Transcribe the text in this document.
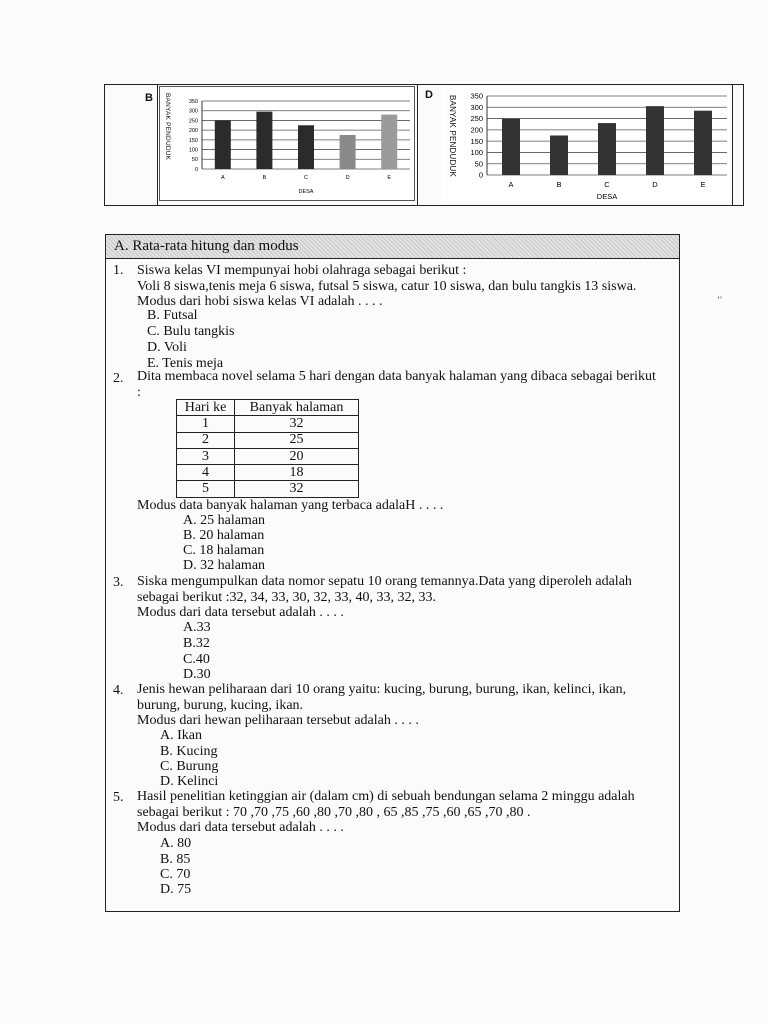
B BANYAK PENDUDUK	350
300
250
200
150
100
50
0
A	B	C	D	E
DESA
D BANYAK PENDUDUK 350
300
250
200
150
100
50
0
A	B	C	D	E
DESA
A. Rata-rata hitung dan modus
1. Siswa kelas VI mempunyai hobi olahraga sebagai berikut :
Voli 8 siswa,tenis meja 6 siswa, futsal 5 siswa, catur 10 siswa, dan bulu tangkis 13 siswa.
Modus dari hobi siswa kelas VI adalah . . . .
B. Futsal
C. Bulu tangkis
D. Voli
E. Tenis meja
2. Dita membaca novel selama 5 hari dengan data banyak halaman yang dibaca sebagai berikut
:
Hari ke	Banyak halaman
1	32
2	25
3	20
4	18
5	32
Modus data banyak halaman yang terbaca adalaH . . . .
A. 25 halaman
B. 20 halaman
C. 18 halaman
D. 32 halaman
3. Siska mengumpulkan data nomor sepatu 10 orang temannya.Data yang diperoleh adalah
sebagai berikut :32, 34, 33, 30, 32, 33, 40, 33, 32, 33.
Modus dari data tersebut adalah . . . .
A.33
B.32
C.40
D.30
4. Jenis hewan peliharaan dari 10 orang yaitu: kucing, burung, burung, ikan, kelinci, ikan,
burung, burung, kucing, ikan.
Modus dari hewan peliharaan tersebut adalah . . . .
A. Ikan
B. Kucing
C. Burung
D. Kelinci
5. Hasil penelitian ketinggian air (dalam cm) di sebuah bendungan selama 2 minggu adalah
sebagai berikut : 70 ,70 ,75 ,60 ,80 ,70 ,80 , 65 ,85 ,75 ,60 ,65 ,70 ,80 .
Modus dari data tersebut adalah . . . .
A. 80
B. 85
C. 70
D. 75
ʼ′
